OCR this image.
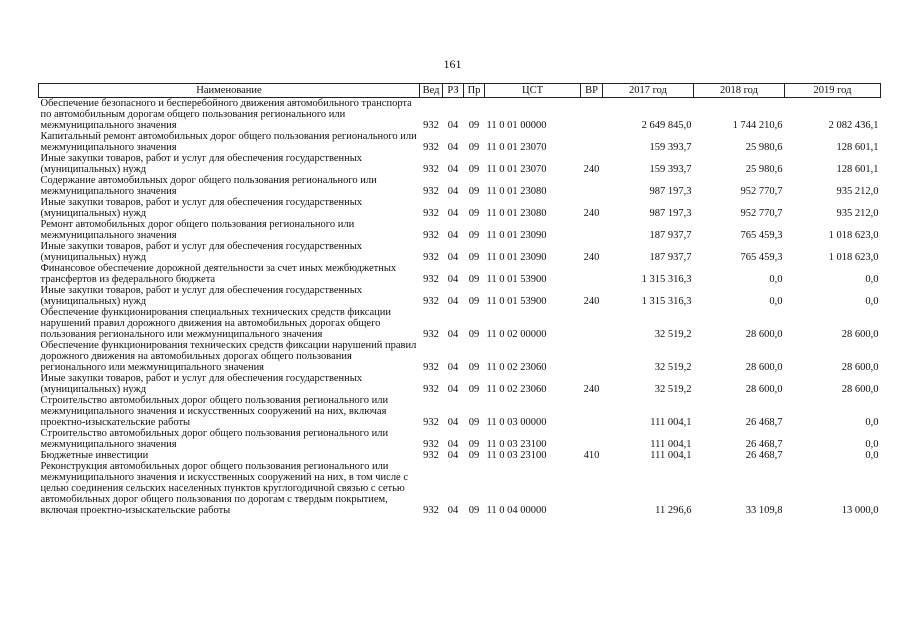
161
Наименование	Вед	РЗ	Пр	ЦСТ	ВР	2017 год	2018 год	2019 год
Обеспечение безопасного и бесперебойного движения автомобильного транспорта по автомобильным дорогам общего пользования регионального или межмуниципального значения	932	04	09	11 0 01 00000		2 649 845,0	1 744 210,6	2 082 436,1
Капитальный ремонт автомобильных дорог общего пользования регионального или межмуниципального значения	932	04	09	11 0 01 23070		159 393,7	25 980,6	128 601,1
Иные закупки товаров, работ и услуг для обеспечения государственных (муниципальных) нужд	932	04	09	11 0 01 23070	240	159 393,7	25 980,6	128 601,1
Содержание автомобильных дорог общего пользования регионального или межмуниципального значения	932	04	09	11 0 01 23080		987 197,3	952 770,7	935 212,0
Иные закупки товаров, работ и услуг для обеспечения государственных (муниципальных) нужд	932	04	09	11 0 01 23080	240	987 197,3	952 770,7	935 212,0
Ремонт автомобильных дорог общего пользования регионального или межмуниципального значения	932	04	09	11 0 01 23090		187 937,7	765 459,3	1 018 623,0
Иные закупки товаров, работ и услуг для обеспечения государственных (муниципальных) нужд	932	04	09	11 0 01 23090	240	187 937,7	765 459,3	1 018 623,0
Финансовое обеспечение дорожной деятельности за счет иных межбюджетных трансфертов из федерального бюджета	932	04	09	11 0 01 53900		1 315 316,3	0,0	0,0
Иные закупки товаров, работ и услуг для обеспечения государственных (муниципальных) нужд	932	04	09	11 0 01 53900	240	1 315 316,3	0,0	0,0
Обеспечение функционирования специальных технических средств фиксации нарушений правил дорожного движения на автомобильных дорогах общего пользования регионального или межмуниципального значения	932	04	09	11 0 02 00000		32 519,2	28 600,0	28 600,0
Обеспечение функционирования технических средств фиксации нарушений правил дорожного движения на автомобильных дорогах общего пользования регионального или межмуниципального значения	932	04	09	11 0 02 23060		32 519,2	28 600,0	28 600,0
Иные закупки товаров, работ и услуг для обеспечения государственных (муниципальных) нужд	932	04	09	11 0 02 23060	240	32 519,2	28 600,0	28 600,0
Строительство автомобильных дорог общего пользования регионального или межмуниципального значения и искусственных сооружений на них, включая проектно-изыскательские работы	932	04	09	11 0 03 00000		111 004,1	26 468,7	0,0
Строительство автомобильных дорог общего пользования регионального или межмуниципального значения	932	04	09	11 0 03 23100		111 004,1	26 468,7	0,0
Бюджетные инвестиции	932	04	09	11 0 03 23100	410	111 004,1	26 468,7	0,0
Реконструкция автомобильных дорог общего пользования регионального или межмуниципального значения и искусственных сооружений на них, в том числе с целью соединения сельских населенных пунктов круглогодичной связью с сетью автомобильных дорог общего пользования по дорогам с твердым покрытием, включая проектно-изыскательские работы	932	04	09	11 0 04 00000		11 296,6	33 109,8	13 000,0
